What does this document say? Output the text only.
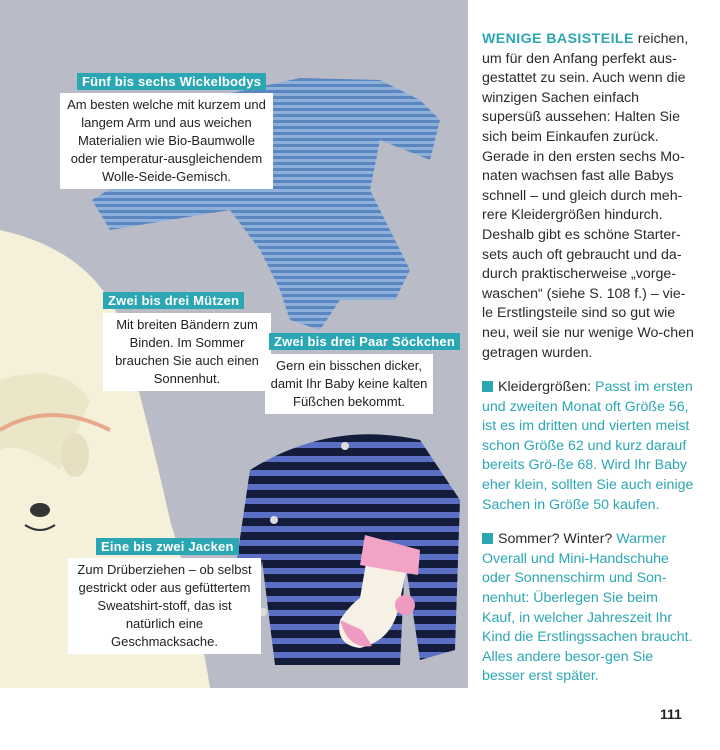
Fünf bis sechs Wickelbodys
Am besten welche mit kurzem und langem Arm und aus weichen Materialien wie Bio-Baumwolle oder temperatur-ausgleichendem Wolle-Seide-Gemisch.
Zwei bis drei Mützen
Mit breiten Bändern zum Binden. Im Sommer brauchen Sie auch einen Sonnenhut.
Zwei bis drei Paar Söckchen
Gern ein bisschen dicker, damit Ihr Baby keine kalten Füßchen bekommt.
Eine bis zwei Jacken
Zum Drüberziehen – ob selbst gestrickt oder aus gefüttertem Sweatshirt-stoff, das ist natürlich eine Geschmacksache.

WENIGE BASISTEILE reichen, um für den Anfang perfekt aus-gestattet zu sein. Auch wenn die winzigen Sachen einfach supersüß aussehen: Halten Sie sich beim Einkaufen zurück. Gerade in den ersten sechs Mo-naten wachsen fast alle Babys schnell – und gleich durch meh-rere Kleidergrößen hindurch. Deshalb gibt es schöne Starter-sets auch oft gebraucht und da-durch praktischerweise „vorge-waschen“ (siehe S. 108 f.) – vie-le Erstlingsteile sind so gut wie neu, weil sie nur wenige Wo-chen getragen wurden.

Kleidergrößen: Passt im ersten und zweiten Monat oft Größe 56, ist es im dritten und vierten meist schon Größe 62 und kurz darauf bereits Grö-ße 68. Wird Ihr Baby eher klein, sollten Sie auch einige Sachen in Größe 50 kaufen.

Sommer? Winter? Warmer Overall und Mini-Handschuhe oder Sonnenschirm und Son-nenhut: Überlegen Sie beim Kauf, in welcher Jahreszeit Ihr Kind die Erstlingssachen braucht. Alles andere besor-gen Sie besser erst später.

111
